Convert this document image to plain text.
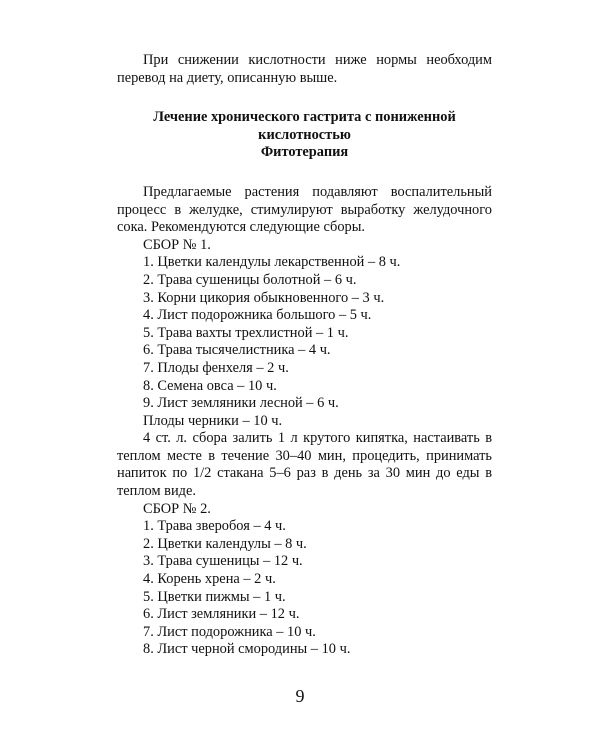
При снижении кислотности ниже нормы необходим перевод на диету, описанную выше.

Лечение хронического гастрита с пониженной

кислотностью

Фитотерапия

Предлагаемые растения подавляют воспалительный процесс в желудке, стимулируют выработку желудочного сока. Рекомендуются следующие сборы.

СБОР № 1.

1. Цветки календулы лекарственной – 8 ч.

2. Трава сушеницы болотной – 6 ч.

3. Корни цикория обыкновенного – 3 ч.

4. Лист подорожника большого – 5 ч.

5. Трава вахты трехлистной – 1 ч.

6. Трава тысячелистника – 4 ч.

7. Плоды фенхеля – 2 ч.

8. Семена овса – 10 ч.

9. Лист земляники лесной – 6 ч.

Плоды черники – 10 ч.

4 ст. л. сбора залить 1 л крутого кипятка, настаивать в теплом месте в течение 30–40 мин, процедить, принимать напиток по 1/2 стакана 5–6 раз в день за 30 мин до еды в теплом виде.

СБОР № 2.

1. Трава зверобоя – 4 ч.

2. Цветки календулы – 8 ч.

3. Трава сушеницы – 12 ч.

4. Корень хрена – 2 ч.

5. Цветки пижмы – 1 ч.

6. Лист земляники – 12 ч.

7. Лист подорожника – 10 ч.

8. Лист черной смородины – 10 ч.

9
